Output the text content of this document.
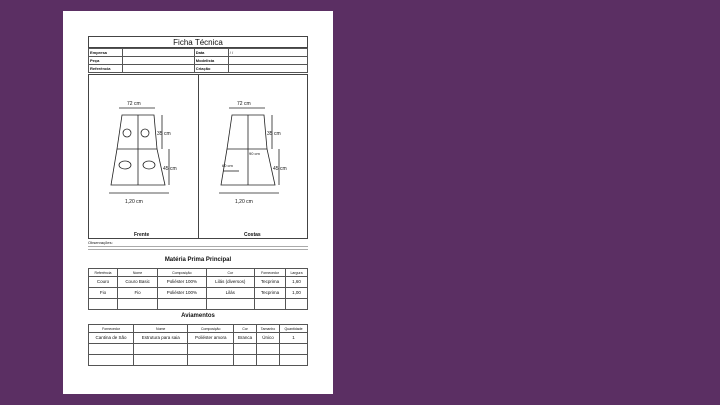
Ficha Técnica
Empresa		Data	/ /
Peça		Modelista	
Referência		Criação	
72 cm
35 cm
45 cm
1,20 cm
72 cm
35 cm
45 cm
1,20 cm
60 cm
90 cm
Frente	Costas
Observações:
Matéria Prima Principal
Referência	Nome	Composição	Cor	Fornecedor	Largura
Couro	Couro Basic	Poliéster 100%	Lilás (diversos)	Tecprima	1,60
Fio	Fio	Poliéster 100%	Lilás	Tecprima	1,00

Aviamentos
Fornecedor	Nome	Composição	Cor	Tamanho	Quantidade
Cantina de São	Estrutura para saia	Poliéster amora	Branca	Único	1
